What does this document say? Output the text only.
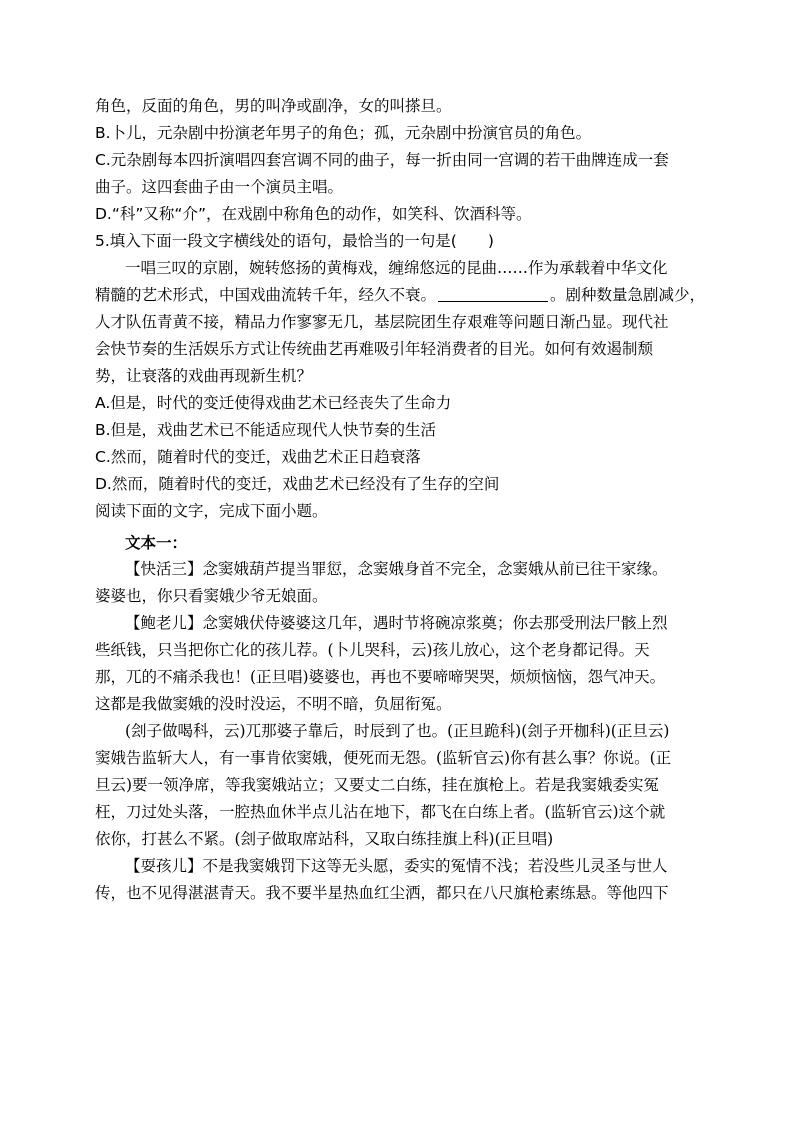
角色，反面的角色，男的叫净或副净，女的叫搽旦。
B.卜儿，元杂剧中扮演老年男子的角色；孤，元杂剧中扮演官员的角色。
C.元杂剧每本四折演唱四套宫调不同的曲子，每一折由同一宫调的若干曲牌连成一套
曲子。这四套曲子由一个演员主唱。
D.“科”又称“介”，在戏剧中称角色的动作，如笑科、饮酒科等。
5.填入下面一段文字横线处的语句，最恰当的一句是(　　)
一唱三叹的京剧，婉转悠扬的黄梅戏，缠绵悠远的昆曲……作为承载着中华文化
精髓的艺术形式，中国戏曲流转千年，经久不衰。	。剧种数量急剧减少，
人才队伍青黄不接，精品力作寥寥无几，基层院团生存艰难等问题日渐凸显。现代社
会快节奏的生活娱乐方式让传统曲艺再难吸引年轻消费者的目光。如何有效遏制颓
势，让衰落的戏曲再现新生机？
A.但是，时代的变迁使得戏曲艺术已经丧失了生命力
B.但是，戏曲艺术已不能适应现代人快节奏的生活
C.然而，随着时代的变迁，戏曲艺术正日趋衰落
D.然而，随着时代的变迁，戏曲艺术已经没有了生存的空间
阅读下面的文字，完成下面小题。
文本一：
【快活三】念窦娥葫芦提当罪愆，念窦娥身首不完全，念窦娥从前已往干家缘。
婆婆也，你只看窦娥少爷无娘面。
【鲍老儿】念窦娥伏侍婆婆这几年，遇时节将碗凉浆奠；你去那受刑法尸骸上烈
些纸钱，只当把你亡化的孩儿荐。(卜儿哭科，云)孩儿放心，这个老身都记得。天
那，兀的不痛杀我也！(正旦唱)婆婆也，再也不要啼啼哭哭，烦烦恼恼，怨气冲天。
这都是我做窦娥的没时没运，不明不暗，负屈衔冤。
(刽子做喝科，云)兀那婆子靠后，时辰到了也。(正旦跪科)(刽子开枷科)(正旦云)
窦娥告监斩大人，有一事肯依窦娥，便死而无怨。(监斩官云)你有甚么事？你说。(正
旦云)要一领净席，等我窦娥站立；又要丈二白练，挂在旗枪上。若是我窦娥委实冤
枉，刀过处头落，一腔热血休半点儿沾在地下，都飞在白练上者。(监斩官云)这个就
依你，打甚么不紧。(刽子做取席站科，又取白练挂旗上科)(正旦唱)
【耍孩儿】不是我窦娥罚下这等无头愿，委实的冤情不浅；若没些儿灵圣与世人
传，也不见得湛湛青天。我不要半星热血红尘洒，都只在八尺旗枪素练悬。等他四下
